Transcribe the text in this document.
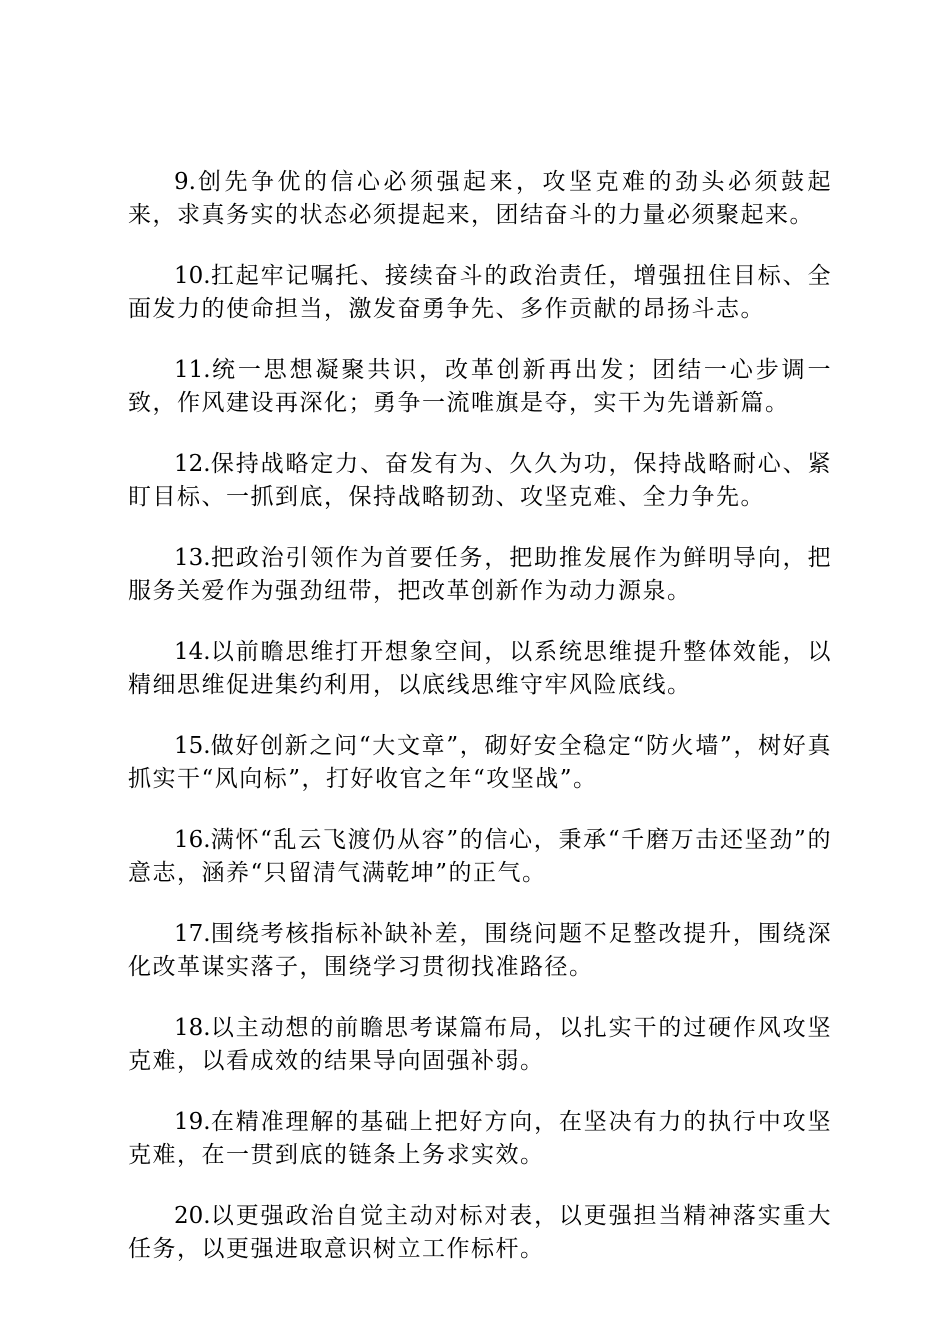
9.创先争优的信心必须强起来，攻坚克难的劲头必须鼓起来，求真务实的状态必须提起来，团结奋斗的力量必须聚起来。

10.扛起牢记嘱托、接续奋斗的政治责任，增强扭住目标、全面发力的使命担当，激发奋勇争先、多作贡献的昂扬斗志。

11.统一思想凝聚共识，改革创新再出发；团结一心步调一致，作风建设再深化；勇争一流唯旗是夺，实干为先谱新篇。

12.保持战略定力、奋发有为、久久为功，保持战略耐心、紧盯目标、一抓到底，保持战略韧劲、攻坚克难、全力争先。

13.把政治引领作为首要任务，把助推发展作为鲜明导向，把服务关爱作为强劲纽带，把改革创新作为动力源泉。

14.以前瞻思维打开想象空间，以系统思维提升整体效能，以精细思维促进集约利用，以底线思维守牢风险底线。

15.做好创新之问“大文章”，砌好安全稳定“防火墙”，树好真抓实干“风向标”，打好收官之年“攻坚战”。

16.满怀“乱云飞渡仍从容”的信心，秉承“千磨万击还坚劲”的意志，涵养“只留清气满乾坤”的正气。

17.围绕考核指标补缺补差，围绕问题不足整改提升，围绕深化改革谋实落子，围绕学习贯彻找准路径。

18.以主动想的前瞻思考谋篇布局，以扎实干的过硬作风攻坚克难，以看成效的结果导向固强补弱。

19.在精准理解的基础上把好方向，在坚决有力的执行中攻坚克难，在一贯到底的链条上务求实效。

20.以更强政治自觉主动对标对表，以更强担当精神落实重大任务，以更强进取意识树立工作标杆。
